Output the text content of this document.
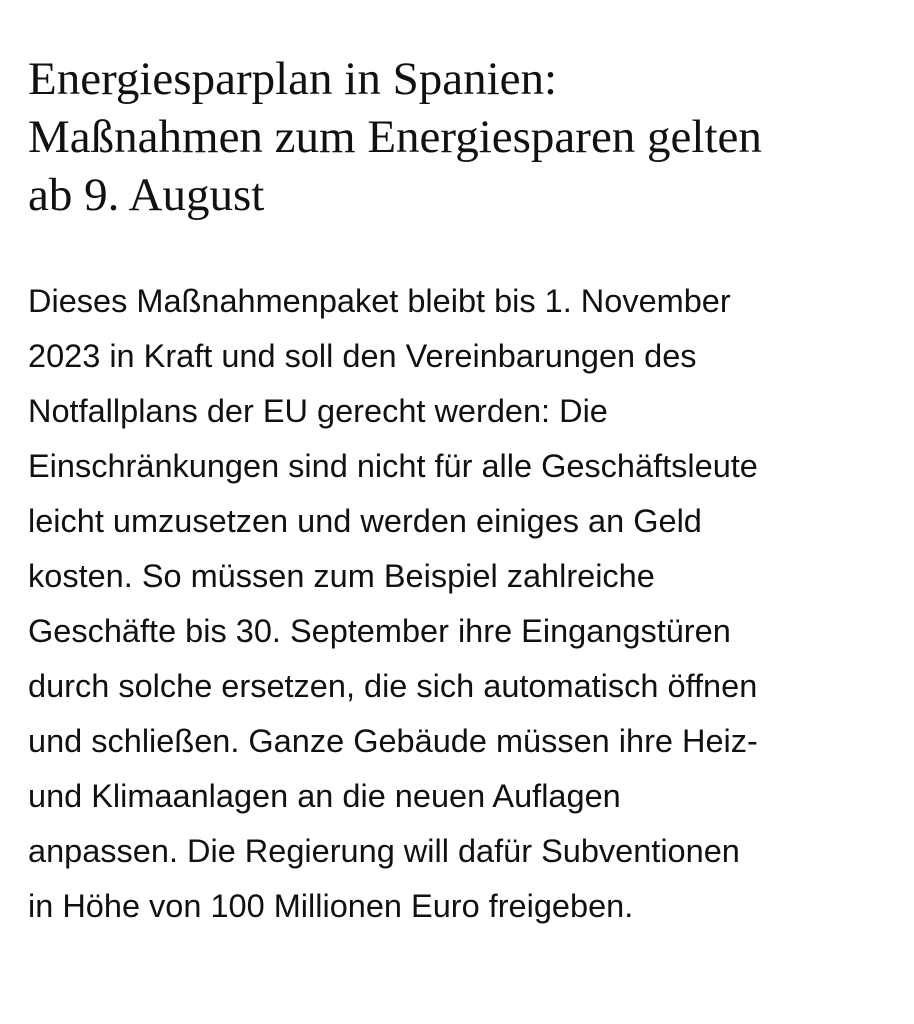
Energiesparplan in Spanien:
Maßnahmen zum Energiesparen gelten
ab 9. August

Dieses Maßnahmenpaket bleibt bis 1. November
2023 in Kraft und soll den Vereinbarungen des
Notfallplans der EU gerecht werden: Die
Einschränkungen sind nicht für alle Geschäftsleute
leicht umzusetzen und werden einiges an Geld
kosten. So müssen zum Beispiel zahlreiche
Geschäfte bis 30. September ihre Eingangstüren
durch solche ersetzen, die sich automatisch öffnen
und schließen. Ganze Gebäude müssen ihre Heiz-
und Klimaanlagen an die neuen Auflagen
anpassen. Die Regierung will dafür Subventionen
in Höhe von 100 Millionen Euro freigeben.
